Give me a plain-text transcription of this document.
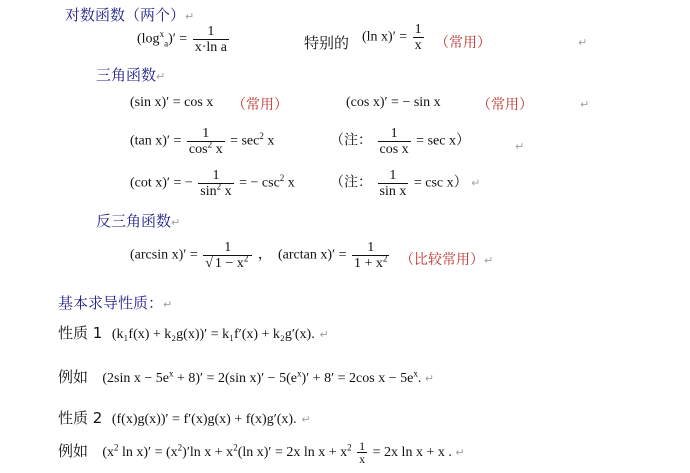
对数函数（两个）↵
$(\log^x_a)' = \frac{1}{\text{x·ln a}}$	特别的 (ln $x)' = \frac{1}{x}$ （常用）	↵
三角函数↵
(sin x)′ = cos x （常用）	(cos x)′ = − sin x	（常用）	↵
(tan $x)' = \frac{1}{\cos^2 x} = \sec^2 x$	（注： $\frac{1}{\text{cos x}} = \sec x$）	↵
(cot x)′ = − $\frac{1}{\sin^2 x}$ = − $\csc^2 x$	（注： $\frac{1}{\text{sin x}} = \csc x$） ↵
反三角函数↵
(arcsin $x)' = \frac{1}{√ 1 - x^2}$ ， (arctan $x)' = \frac{1}{1 + x^2}$ （比较常用）↵
基本求导性质：↵
性质 1 (k₁f(x) + k₂g(x))′ = k₁f′(x) + k₂g′(x). ↵
例如 (2sin $x - 5e^x + 8)' = 2(\sin$ $x)' - 5(e^x)' + 8' = 2\cos$ $x - 5e^x$. ↵
性质 2 (f(x)g(x))′ = f′(x)g(x) + f(x)g′(x). ↵
例如 ($x^2$ $\ln x)' = (x^2)'\ln$ $x + x^2(\ln$ x)′ = 2x $\ln x + x^2 \frac{1}{x} = 2x$ ln x + x . ↵
